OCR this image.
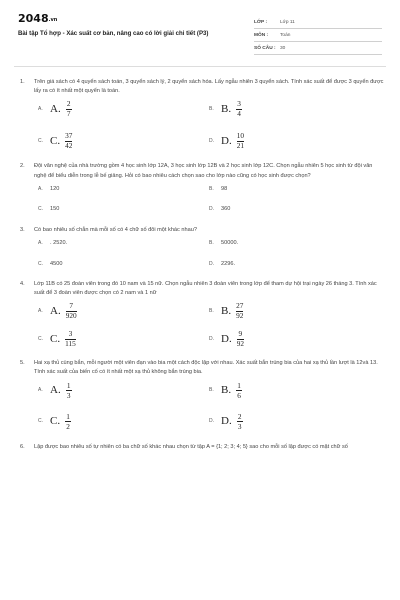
$2048_{.vn}$
Bài tập Tổ hợp - Xác suất cơ bản, nâng cao có lời giải chi tiết (P3)
LỚP :	Lớp 11
MÔN :	Toán
SỐ CÂU : 30
1.	Trên giá sách có 4 quyển sách toán, 3 quyển sách lý, 2 quyển sách hóa. Lấy ngẫu nhiên 3 quyển sách. Tính xác suất để được 3 quyển được lấy ra có ít nhất một quyển là toán.
A. A. $\frac{2}{7}$	B. B. $\frac{3}{4}$
C. C. $\frac{37}{42}$	D. D. $\frac{10}{21}$
2.	Đội văn nghệ của nhà trường gồm 4 học sinh lớp 12A, 3 học sinh lớp 12B và 2 học sinh lớp 12C. Chọn ngẫu nhiên 5 học sinh từ đội văn nghệ để biểu diễn trong lễ bế giảng. Hỏi có bao nhiêu cách chọn sao cho lớp nào cũng có học sinh được chọn?
A.	120	B.	98
C.	150	D.	360
3.	Có bao nhiêu số chẵn mà mỗi số có 4 chữ số đôi một khác nhau?
A.	. 2520.	B.	50000.
C.	4500	D.	2296.
4.	Lớp 11B có 25 đoàn viên trong đó 10 nam và 15 nữ. Chọn ngẫu nhiên 3 đoàn viên trong lớp để tham dự hội trại ngày 26 tháng 3. Tính xác suất để 3 đoàn viên được chọn có 2 nam và 1 nữ
A. A. $\frac{7}{920}$	B. B. $\frac{27}{92}$
C. C. $\frac{3}{115}$	D. D. $\frac{9}{92}$
5.	Hai xạ thủ cùng bắn, mỗi người một viên đạn vào bia một cách độc lập với nhau. Xác suất bắn trúng bia của hai xạ thủ lần lượt là 12và 13. Tính xác suất của biến cố có ít nhất một xạ thủ không bắn trúng bia.
A. A. $\frac{1}{3}$	B. B. $\frac{1}{6}$
C. C. $\frac{1}{2}$	D. D. $\frac{2}{3}$
6.	Lập được bao nhiêu số tự nhiên có ba chữ số khác nhau chọn từ tập A = {1; 2; 3; 4; 5} sao cho mỗi số lập được có mặt chữ số
